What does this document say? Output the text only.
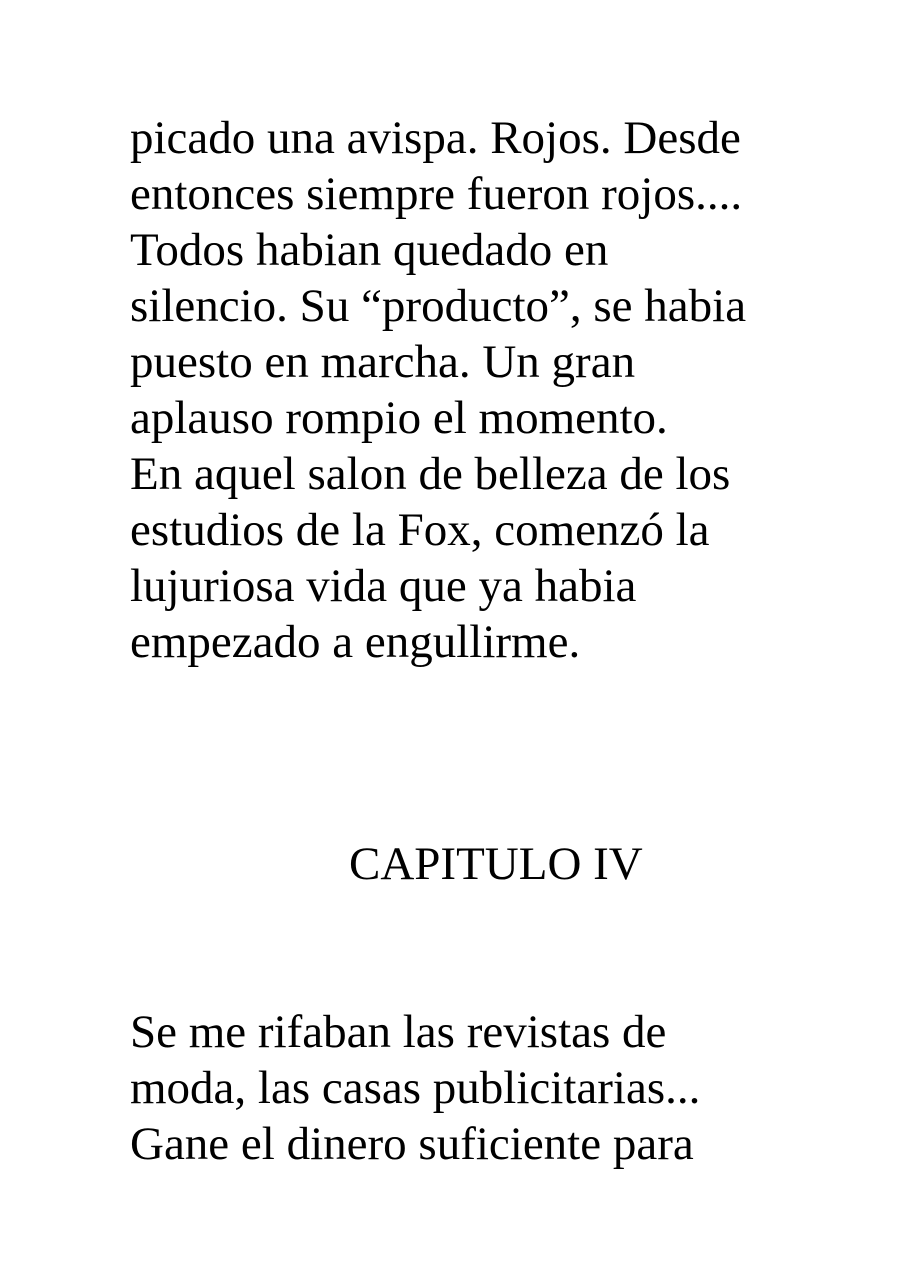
picado una avispa. Rojos. Desde
entonces siempre fueron rojos....
Todos habian quedado en
silencio. Su “producto”, se habia
puesto en marcha. Un gran
aplauso rompio el momento.
En aquel salon de belleza de los
estudios de la Fox, comenzó la
lujuriosa vida que ya habia
empezado a engullirme.
CAPITULO IV
Se me rifaban las revistas de
moda, las casas publicitarias...
Gane el dinero suficiente para
